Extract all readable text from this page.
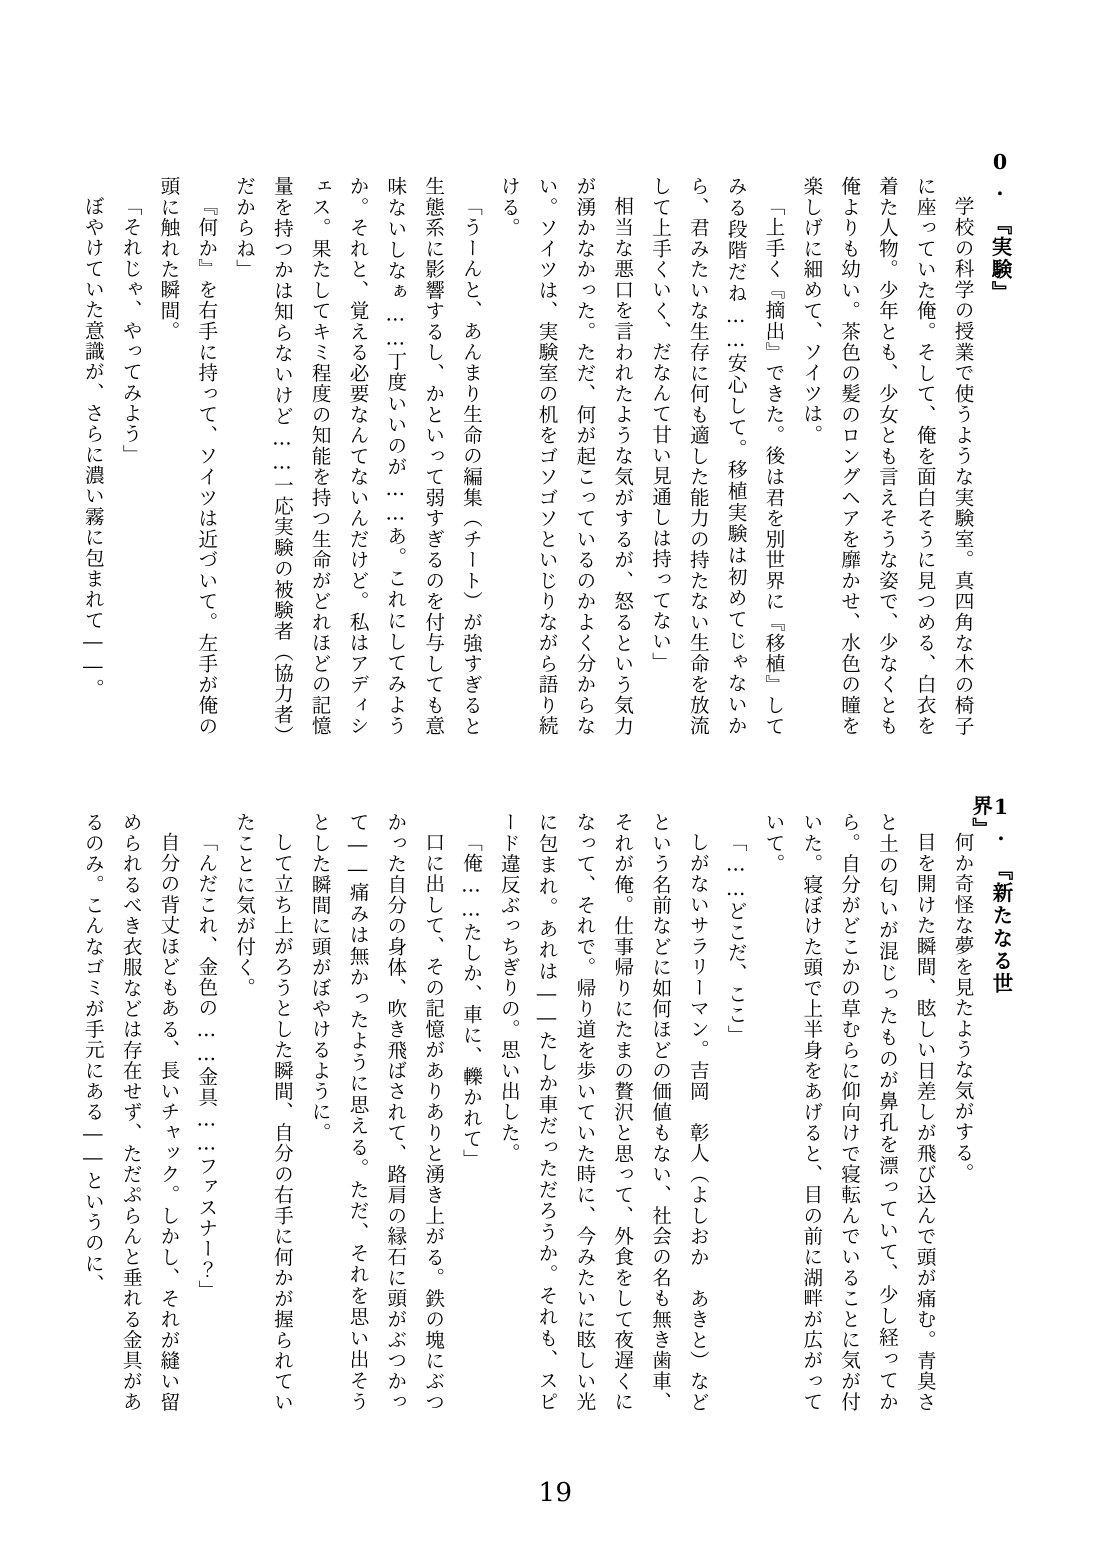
0.　『実験』

学校の科学の授業で使うような実験室。真四角な木の椅子に座っていた俺。そして、俺を面白そうに見つめる、白衣を着た人物。少年とも、少女とも言えそうな姿で、少なくとも俺よりも幼い。茶色の髪のロングヘアを靡かせ、水色の瞳を楽しげに細めて、ソイツは。

「上手く『摘出』できた。後は君を別世界に『移植』してみる段階だね……安心して。移植実験は初めてじゃないから、君みたいな生存に何も適した能力の持たない生命を放流して上手くいく、だなんて甘い見通しは持ってない」

相当な悪口を言われたような気がするが、怒るという気力が湧かなかった。ただ、何が起こっているのかよく分からない。ソイツは、実験室の机をゴソゴソといじりながら語り続ける。

「うーんと、あんまり生命の編集（チート）が強すぎると生態系に影響するし、かといって弱すぎるのを付与しても意味ないしなぁ……丁度いいのが……あ。これにしてみようか。それと、覚える必要なんてないんだけど。私はアディシェス。果たしてキミ程度の知能を持つ生命がどれほどの記憶量を持つかは知らないけど……一応実験の被験者（協力者）だからね」

『何か』を右手に持って、ソイツは近づいて。左手が俺の頭に触れた瞬間。

「それじゃ、やってみよう」

ぼやけていた意識が、さらに濃い霧に包まれて――。

1.　『新たなる世界』

何か奇怪な夢を見たような気がする。

目を開けた瞬間、眩しい日差しが飛び込んで頭が痛む。青臭さと土の匂いが混じったものが鼻孔を漂っていて、少し経ってから。自分がどこかの草むらに仰向けで寝転んでいることに気が付いた。寝ぼけた頭で上半身をあげると、目の前に湖畔が広がっていて。

「……どこだ、ここ」

しがないサラリーマン。吉岡　彰人（よしおか　あきと）などという名前などに如何ほどの価値もない、社会の名も無き歯車、それが俺。仕事帰りにたまの贅沢と思って、外食をして夜遅くになって、それで。帰り道を歩いていた時に、今みたいに眩しい光に包まれ。あれは――たしか車だっただろうか。それも、スピード違反ぶっちぎりの。思い出した。

「俺……たしか、車に、轢かれて」

口に出して、その記憶がありありと湧き上がる。鉄の塊にぶつかった自分の身体、吹き飛ばされて、路肩の縁石に頭がぶつかって――痛みは無かったように思える。ただ、それを思い出そうとした瞬間に頭がぼやけるように。

して立ち上がろうとした瞬間、自分の右手に何かが握られていたことに気が付く。

「んだこれ、金色の……金具……ファスナー？」

自分の背丈ほどもある、長いチャック。しかし、それが縫い留められるべき衣服などは存在せず、ただぷらんと垂れる金具があるのみ。こんなゴミが手元にある――というのに、

19
